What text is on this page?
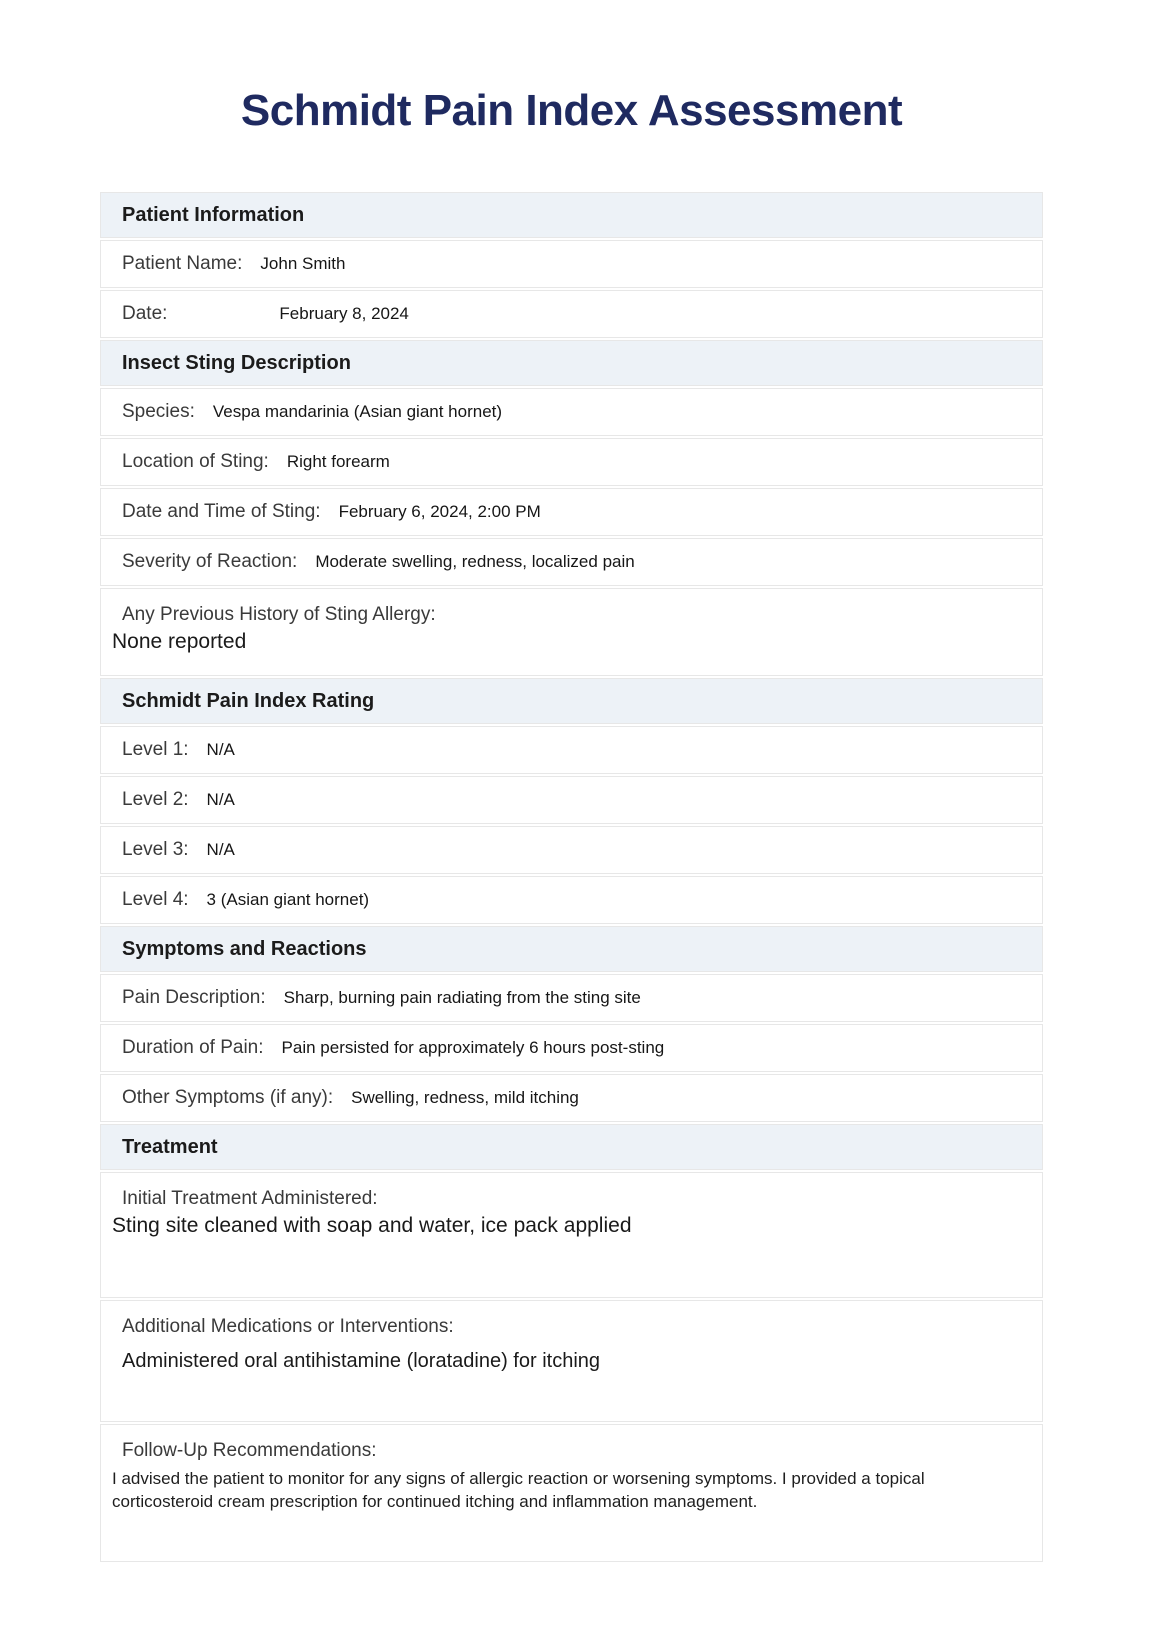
Schmidt Pain Index Assessment
Patient Information
Patient Name: John Smith
Date:	February 8, 2024
Insect Sting Description
Species: Vespa mandarinia (Asian giant hornet)
Location of Sting: Right forearm
Date and Time of Sting: February 6, 2024, 2:00 PM
Severity of Reaction: Moderate swelling, redness, localized pain
Any Previous History of Sting Allergy:
None reported
Schmidt Pain Index Rating
Level 1: N/A
Level 2: N/A
Level 3: N/A
Level 4: 3 (Asian giant hornet)
Symptoms and Reactions
Pain Description: Sharp, burning pain radiating from the sting site
Duration of Pain: Pain persisted for approximately 6 hours post-sting
Other Symptoms (if any): Swelling, redness, mild itching
Treatment
Initial Treatment Administered:
Sting site cleaned with soap and water, ice pack applied
Additional Medications or Interventions:
Administered oral antihistamine (loratadine) for itching
Follow-Up Recommendations:
I advised the patient to monitor for any signs of allergic reaction or worsening symptoms. I provided a topical corticosteroid cream prescription for continued itching and inflammation management.
